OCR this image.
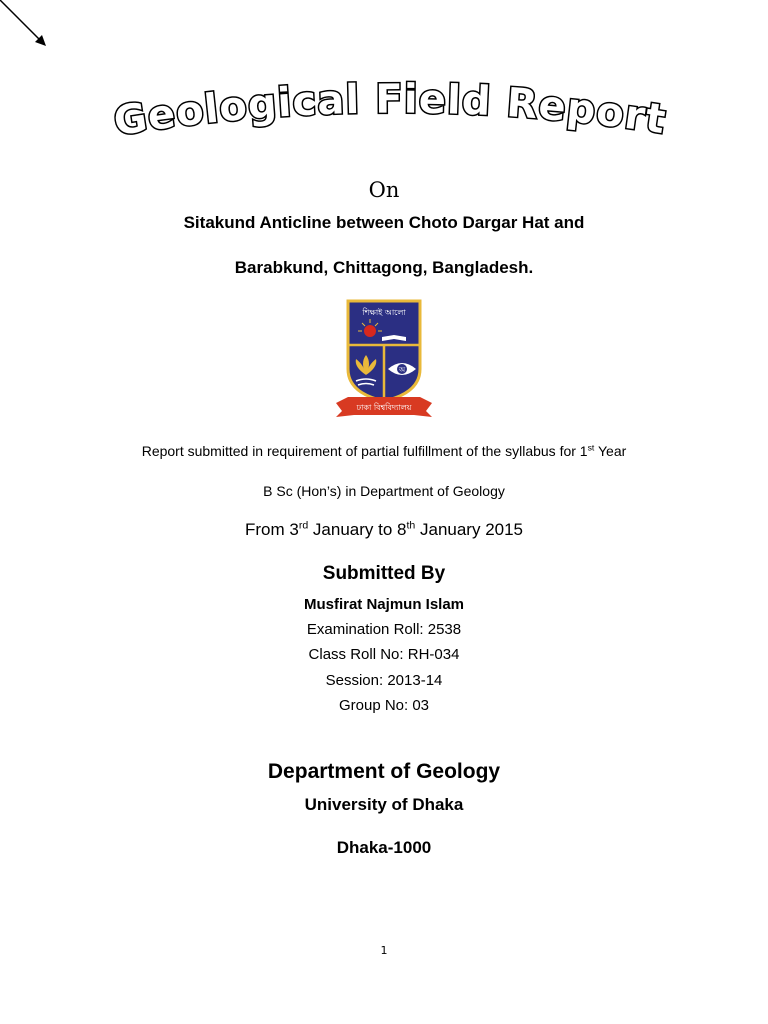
Geological Field Report
On
Sitakund Anticline between Choto Dargar Hat and
Barabkund, Chittagong, Bangladesh.
শিক্ষাই আলো
অ
ঢাকা বিশ্ববিদ্যালয়
Report submitted in requirement of partial fulfillment of the syllabus for 1st Year
B Sc (Hon’s) in Department of Geology
From 3rd January to 8th January 2015
Submitted By
Musfirat Najmun Islam
Examination Roll: 2538
Class Roll No: RH-034
Session: 2013-14
Group No: 03
Department of Geology
University of Dhaka
Dhaka-1000
1
